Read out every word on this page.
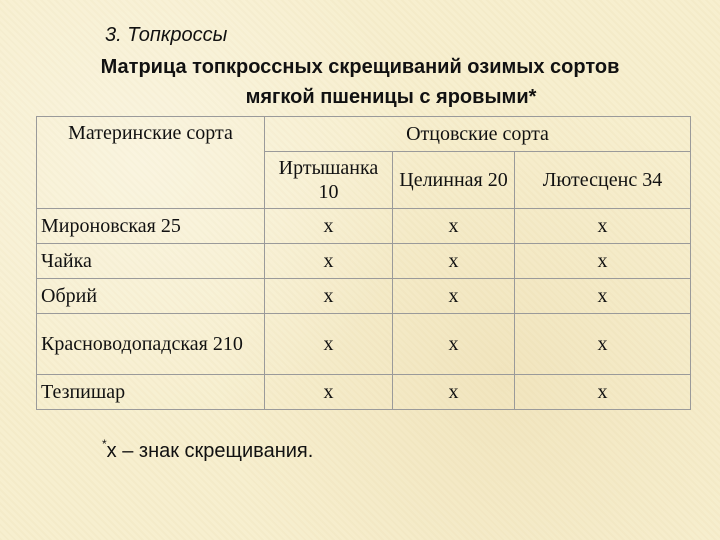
3. Топкроссы
Матрица топкроссных скрещиваний озимых сортов
мягкой пшеницы с яровыми*
Материнские сорта	Отцовские сорта		
	Иртышанка 10	Целинная 20	Лютесценс 34
Мироновская 25	x	x	x
Чайка	x	x	x
Обрий	x	x	x
Красноводопадская 210	x	x	x
Тезпишар	x	x	x
*х – знак скрещивания.
